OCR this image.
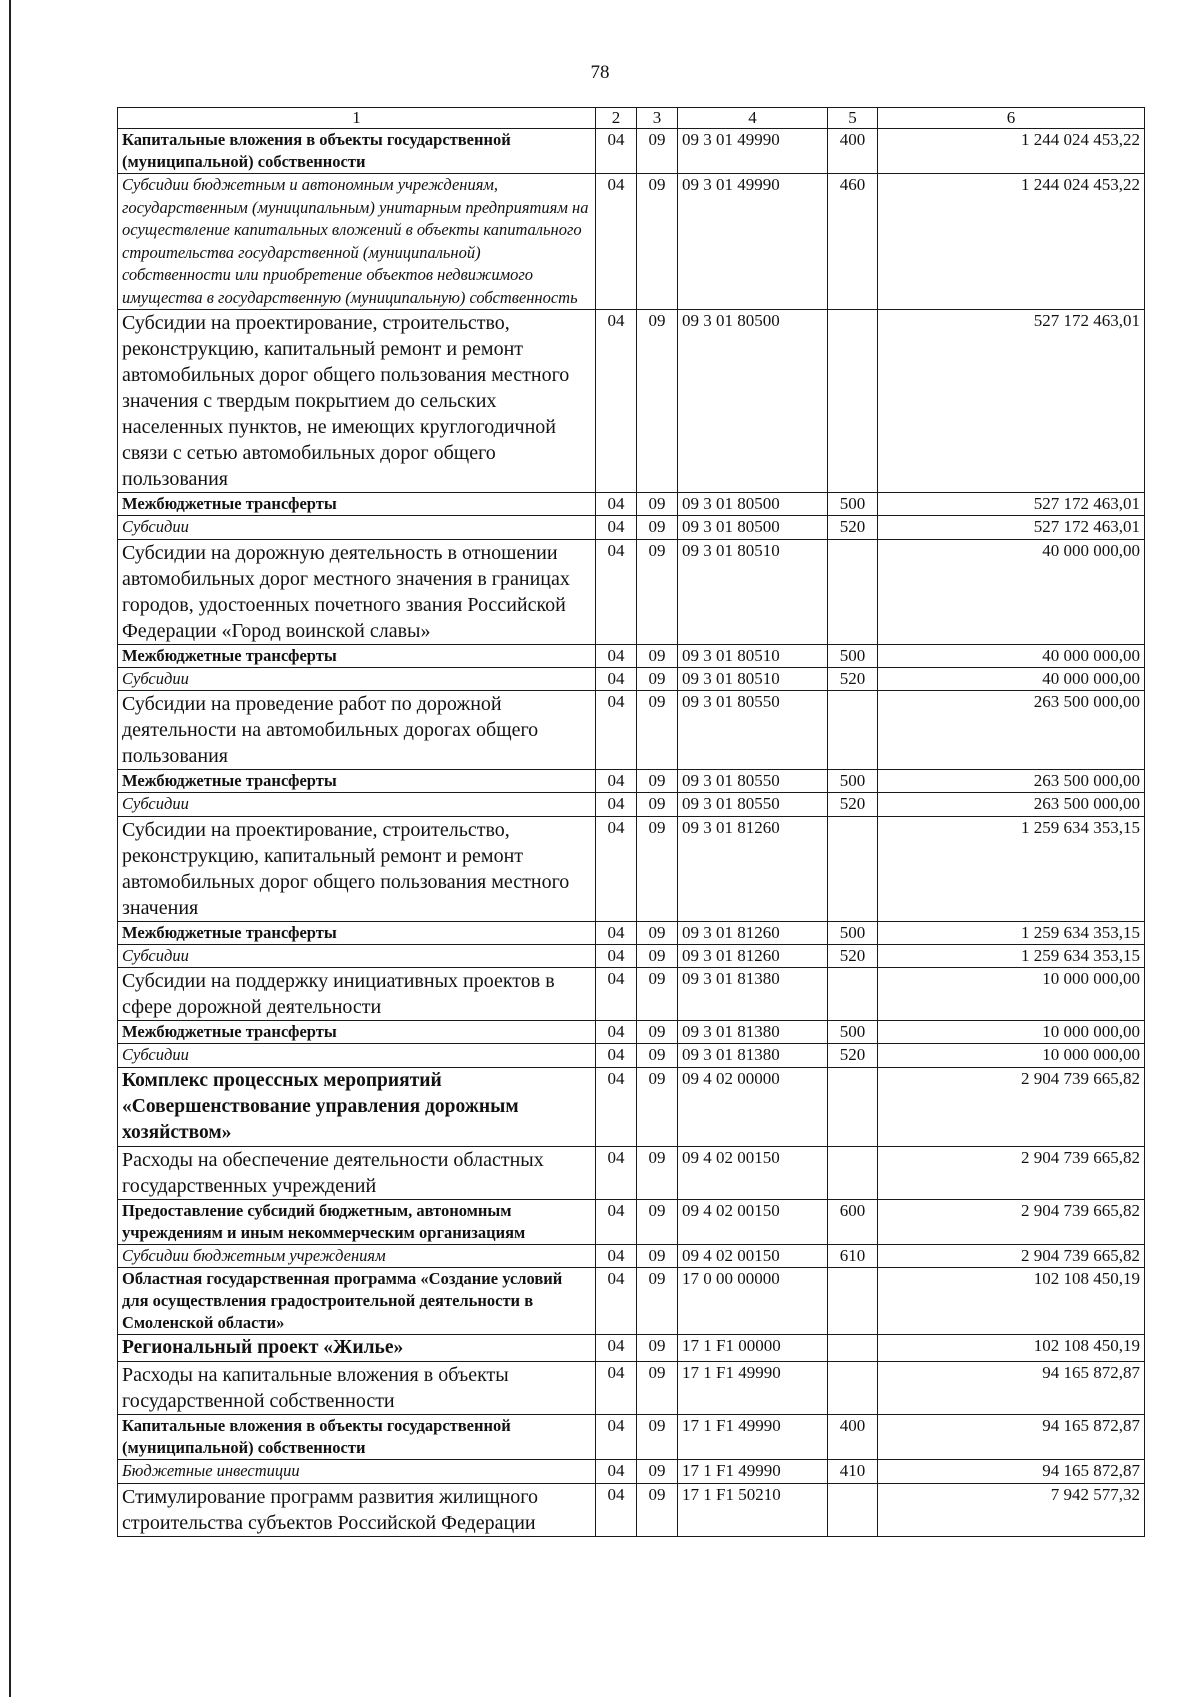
78
1	2	3	4	5	6
Капитальные вложения в объекты государственной (муниципальной) собственности	04	09	09 3 01 49990	400	1 244 024 453,22
Субсидии бюджетным и автономным учреждениям, государственным (муниципальным) унитарным предприятиям на осуществление капитальных вложений в объекты капитального строительства государственной (муниципальной) собственности или приобретение объектов недвижимого имущества в государственную (муниципальную) собственность	04	09	09 3 01 49990	460	1 244 024 453,22
Субсидии на проектирование, строительство, реконструкцию, капитальный ремонт и ремонт автомобильных дорог общего пользования местного значения с твердым покрытием до сельских населенных пунктов, не имеющих круглогодичной связи с сетью автомобильных дорог общего пользования	04	09	09 3 01 80500		527 172 463,01
Межбюджетные трансферты	04	09	09 3 01 80500	500	527 172 463,01
Субсидии	04	09	09 3 01 80500	520	527 172 463,01
Субсидии на дорожную деятельность в отношении автомобильных дорог местного значения в границах городов, удостоенных почетного звания Российской Федерации «Город воинской славы»	04	09	09 3 01 80510		40 000 000,00
Межбюджетные трансферты	04	09	09 3 01 80510	500	40 000 000,00
Субсидии	04	09	09 3 01 80510	520	40 000 000,00
Субсидии на проведение работ по дорожной деятельности на автомобильных дорогах общего пользования	04	09	09 3 01 80550		263 500 000,00
Межбюджетные трансферты	04	09	09 3 01 80550	500	263 500 000,00
Субсидии	04	09	09 3 01 80550	520	263 500 000,00
Субсидии на проектирование, строительство, реконструкцию, капитальный ремонт и ремонт автомобильных дорог общего пользования местного значения	04	09	09 3 01 81260		1 259 634 353,15
Межбюджетные трансферты	04	09	09 3 01 81260	500	1 259 634 353,15
Субсидии	04	09	09 3 01 81260	520	1 259 634 353,15
Субсидии на поддержку инициативных проектов в сфере дорожной деятельности	04	09	09 3 01 81380		10 000 000,00
Межбюджетные трансферты	04	09	09 3 01 81380	500	10 000 000,00
Субсидии	04	09	09 3 01 81380	520	10 000 000,00
Комплекс процессных мероприятий «Совершенствование управления дорожным хозяйством»	04	09	09 4 02 00000		2 904 739 665,82
Расходы на обеспечение деятельности областных государственных учреждений	04	09	09 4 02 00150		2 904 739 665,82
Предоставление субсидий бюджетным, автономным учреждениям и иным некоммерческим организациям	04	09	09 4 02 00150	600	2 904 739 665,82
Субсидии бюджетным учреждениям	04	09	09 4 02 00150	610	2 904 739 665,82
Областная государственная программа «Создание условий для осуществления градостроительной деятельности в Смоленской области»	04	09	17 0 00 00000		102 108 450,19
Региональный проект «Жилье»	04	09	17 1 F1 00000		102 108 450,19
Расходы на капитальные вложения в объекты государственной собственности	04	09	17 1 F1 49990		94 165 872,87
Капитальные вложения в объекты государственной (муниципальной) собственности	04	09	17 1 F1 49990	400	94 165 872,87
Бюджетные инвестиции	04	09	17 1 F1 49990	410	94 165 872,87
Стимулирование программ развития жилищного строительства субъектов Российской Федерации	04	09	17 1 F1 50210		7 942 577,32
